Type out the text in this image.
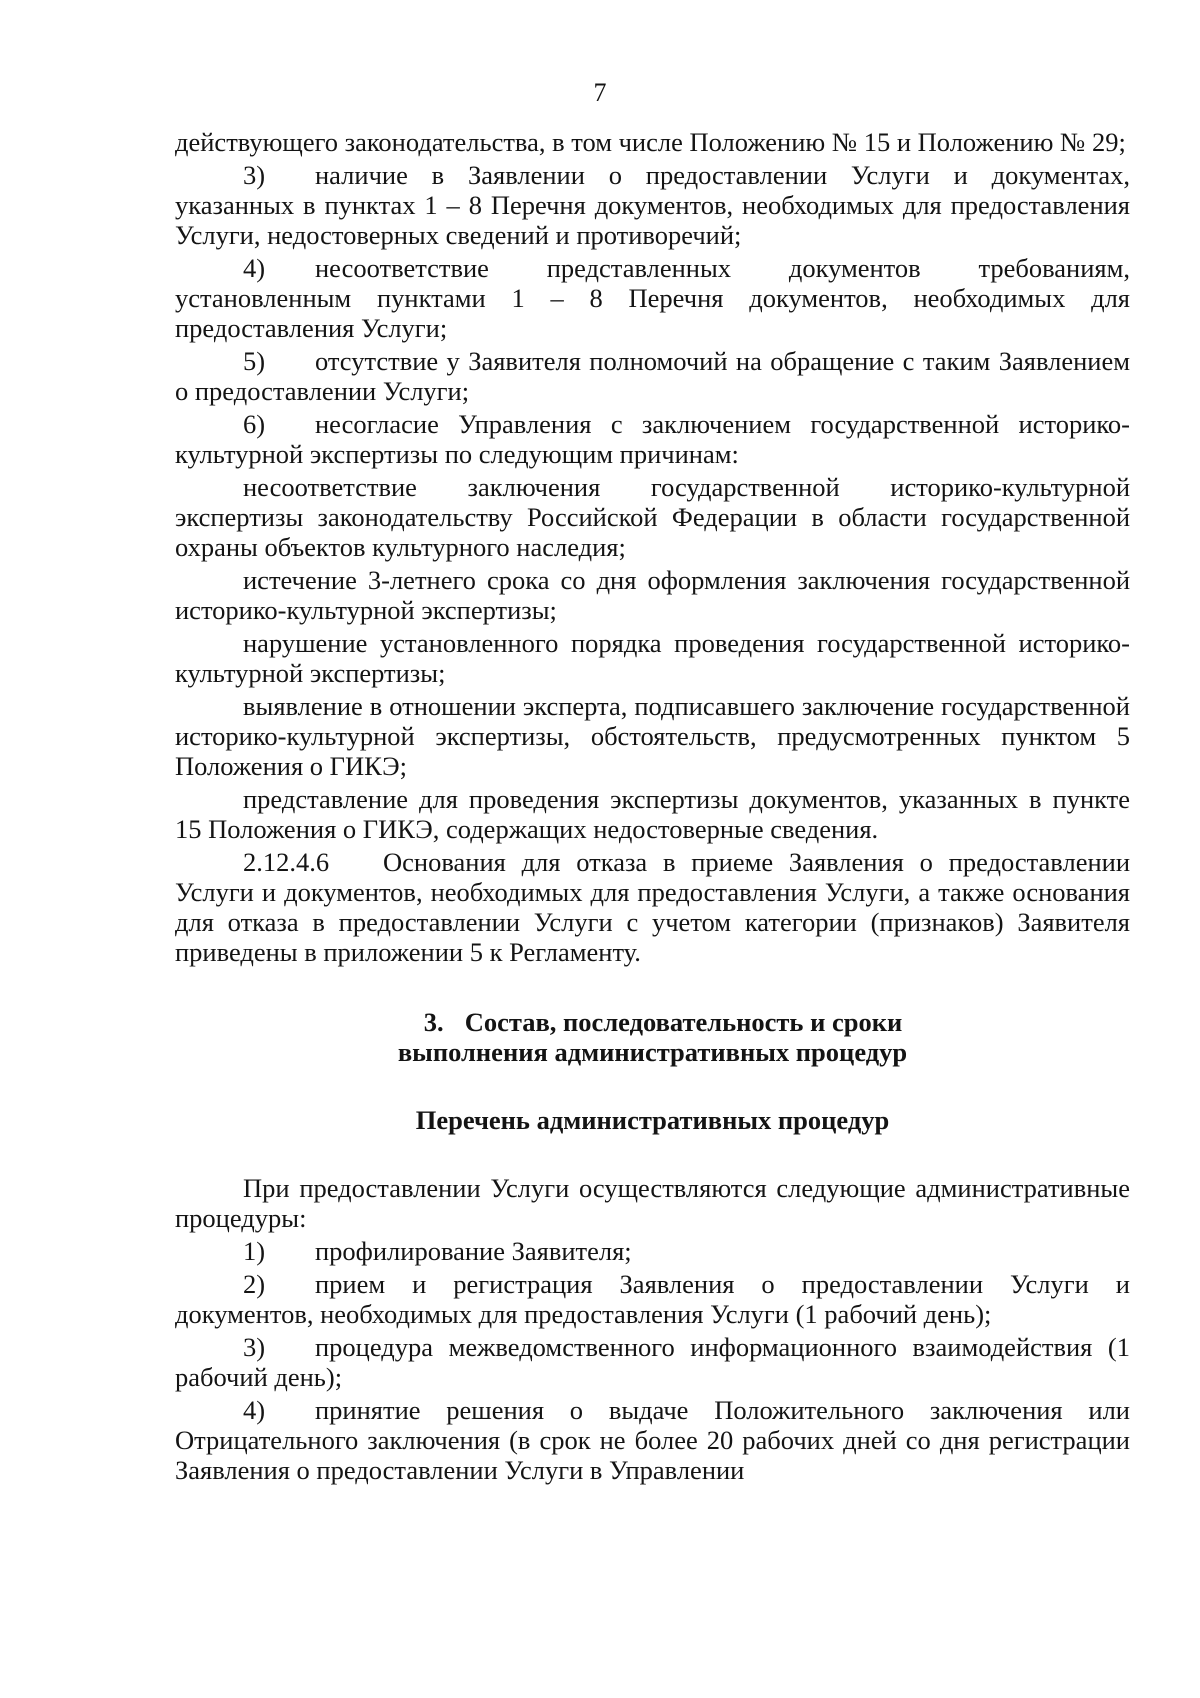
7

действующего законодательства, в том числе Положению № 15 и Положению № 29;

3) наличие в Заявлении о предоставлении Услуги и документах, указанных в пунктах 1 – 8 Перечня документов, необходимых для предоставления Услуги, недостоверных сведений и противоречий;

4) несоответствие представленных документов требованиям, установленным пунктами 1 – 8 Перечня документов, необходимых для предоставления Услуги;

5) отсутствие у Заявителя полномочий на обращение с таким Заявлением о предоставлении Услуги;

6) несогласие Управления с заключением государственной историко-культурной экспертизы по следующим причинам:

несоответствие заключения государственной историко-культурной экспертизы законодательству Российской Федерации в области государственной охраны объектов культурного наследия;

истечение 3-летнего срока со дня оформления заключения государственной историко-культурной экспертизы;

нарушение установленного порядка проведения государственной историко-культурной экспертизы;

выявление в отношении эксперта, подписавшего заключение государственной историко-культурной экспертизы, обстоятельств, предусмотренных пунктом 5 Положения о ГИКЭ;

представление для проведения экспертизы документов, указанных в пункте 15 Положения о ГИКЭ, содержащих недостоверные сведения.

2.12.4.6 Основания для отказа в приеме Заявления о предоставлении Услуги и документов, необходимых для предоставления Услуги, а также основания для отказа в предоставлении Услуги с учетом категории (признаков) Заявителя приведены в приложении 5 к Регламенту.

3. Состав, последовательность и сроки

выполнения административных процедур

Перечень административных процедур

При предоставлении Услуги осуществляются следующие административные процедуры:

1) профилирование Заявителя;

2) прием и регистрация Заявления о предоставлении Услуги и документов, необходимых для предоставления Услуги (1 рабочий день);

3) процедура межведомственного информационного взаимодействия (1 рабочий день);

4) принятие решения о выдаче Положительного заключения или Отрицательного заключения (в срок не более 20 рабочих дней со дня регистрации Заявления о предоставлении Услуги в Управлении
